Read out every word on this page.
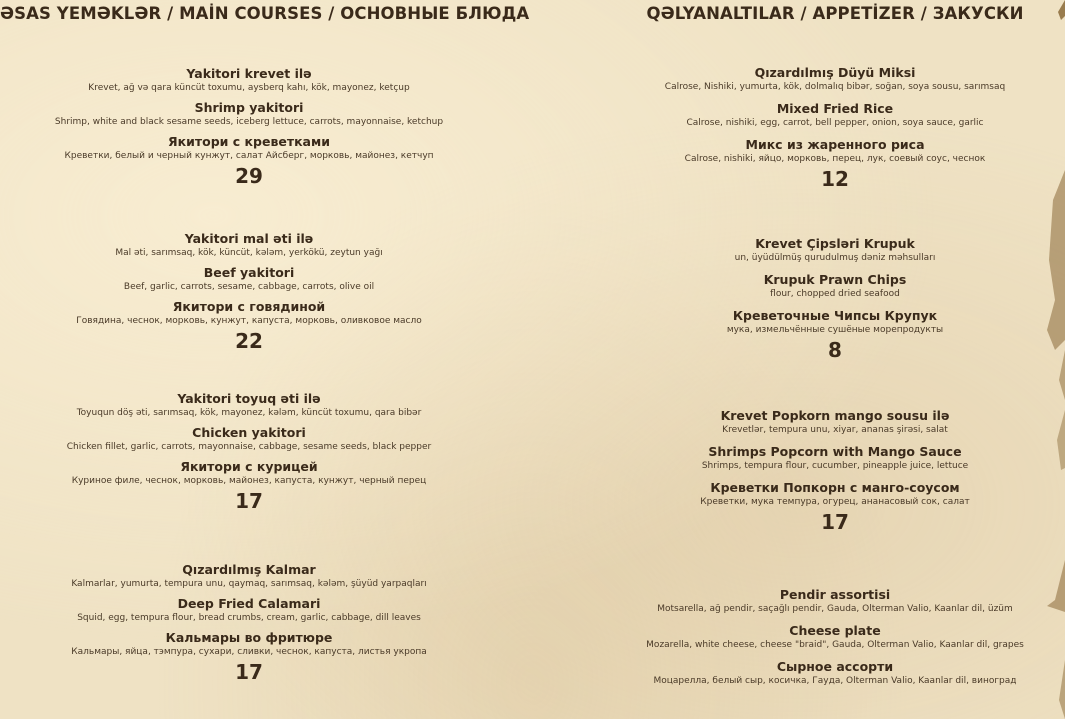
ƏSAS YEMƏKLƏR / MAİN COURSES / ОСНОВНЫЕ БЛЮДА
Yakitori krevet ilə
Krevet, ağ və qara küncüt toxumu, aysberq kahı, kök, mayonez, ketçup
Shrimp yakitori
Shrimp, white and black sesame seeds, iceberg lettuce, carrots, mayonnaise, ketchup
Якитори с креветками
Креветки, белый и черный кунжут, салат Айсберг, морковь, майонез, кетчуп
29
Yakitori mal əti ilə
Mal əti, sarımsaq, kök, küncüt, kələm, yerkökü, zeytun yağı
Beef yakitori
Beef, garlic, carrots, sesame, cabbage, carrots, olive oil
Якитори с говядиной
Говядина, чеснок, морковь, кунжут, капуста, морковь, оливковое масло
22
Yakitori toyuq əti ilə
Toyuqun döş əti, sarımsaq, kök, mayonez, kələm, küncüt toxumu, qara bibər
Chicken yakitori
Chicken fillet, garlic, carrots, mayonnaise, cabbage, sesame seeds, black pepper
Якитори с курицей
Куриное филе, чеснок, морковь, майонез, капуста, кунжут, черный перец
17
Qızardılmış Kalmar
Kalmarlar, yumurta, tempura unu, qaymaq, sarımsaq, kələm, şüyüd yarpaqları
Deep Fried Calamari
Squid, egg, tempura flour, bread crumbs, cream, garlic, cabbage, dill leaves
Кальмары во фритюре
Кальмары, яйца, тэмпура, сухари, сливки, чеснок, капуста, листья укропа
17
QƏLYANALTILAR / APPETİZER / ЗАКУСКИ
Qızardılmış Düyü Miksi
Calrose, Nishiki, yumurta, kök, dolmalıq bibər, soğan, soya sousu, sarımsaq
Mixed Fried Rice
Calrose, nishiki, egg, carrot, bell pepper, onion, soya sauce, garlic
Микс из жаренного риса
Calrose, nishiki, яйцо, морковь, перец, лук, соевый соус, чеснок
12
Krevet Çipsləri Krupuk
un, üyüdülmüş qurudulmuş dəniz məhsulları
Krupuk Prawn Chips
flour, chopped dried seafood
Креветочные Чипсы Крупук
мука, измельчённые сушёные морепродукты
8
Krevet Popkorn mango sousu ilə
Krevetlər, tempura unu, xiyar, ananas şirəsi, salat
Shrimps Popcorn with Mango Sauce
Shrimps, tempura flour, cucumber, pineapple juice, lettuce
Креветки Попкорн с манго-соусом
Креветки, мука темпура, огурец, ананасовый сок, салат
17
Pendir assortisi
Motsarella, ağ pendir, saçağlı pendir, Gauda, Olterman Valio, Kaanlar dil, üzüm
Cheese plate
Mozarella, white cheese, cheese "braid", Gauda, Olterman Valio, Kaanlar dil, grapes
Сырное ассорти
Моцарелла, белый сыр, косичка, Гауда, Olterman Valio, Kaanlar dil, виноград
